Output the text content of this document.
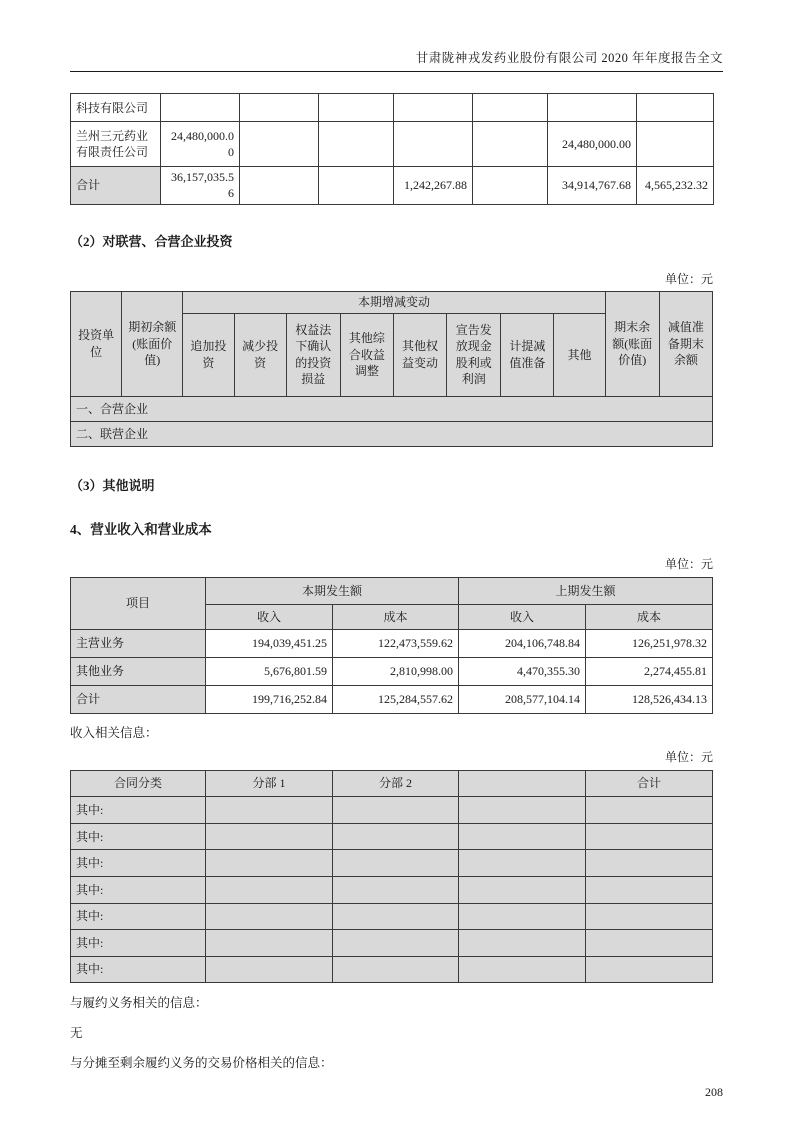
甘肃陇神戎发药业股份有限公司 2020 年年度报告全文
科技有限公司							
兰州三元药业有限责任公司	24,480,000.00					24,480,000.00	
合计	36,157,035.56			1,242,267.88		34,914,767.68	4,565,232.32
（2）对联营、合营企业投资
单位：元
投资单位	期初余额(账面价值)	本期增减变动								期末余额(账面价值)	减值准备期末余额
		追加投资	减少投资	权益法下确认的投资损益	其他综合收益调整	其他权益变动	宣告发放现金股利或利润	计提减值准备	其他		
一、合营企业											
二、联营企业											
（3）其他说明
4、营业收入和营业成本
单位：元
项目	本期发生额		上期发生额	
	收入	成本	收入	成本
主营业务	194,039,451.25	122,473,559.62	204,106,748.84	126,251,978.32
其他业务	5,676,801.59	2,810,998.00	4,470,355.30	2,274,455.81
合计	199,716,252.84	125,284,557.62	208,577,104.14	128,526,434.13
收入相关信息：
单位：元
合同分类	分部 1	分部 2		合计
其中:				
其中:				
其中:				
其中:				
其中:				
其中:				
其中:				
与履约义务相关的信息：
无
与分摊至剩余履约义务的交易价格相关的信息：
208
